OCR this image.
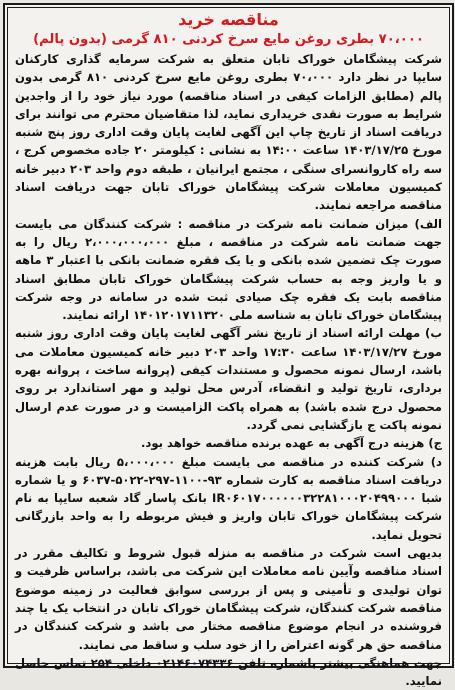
مناقصه خرید
۷۰،۰۰۰ بطری روغن مایع سرخ کردنی ۸۱۰ گرمی (بدون پالم)

شرکت پیشگامان خوراک تابان متعلق به شرکت سرمایه گذاری کارکنان سایپا در نظر دارد ۷۰،۰۰۰ بطری روغن مایع سرخ کردنی ۸۱۰ گرمی بدون پالم (مطابق الزامات کیفی در اسناد مناقصه) مورد نیاز خود را از واجدین شرایط به صورت نقدی خریداری نماید، لذا متقاضیان محترم می توانند برای دریافت اسناد از تاریخ چاپ این آگهی لغایت پایان وقت اداری روز پنج شنبه مورخ ۱۴۰۳/۱۷/۲۵ ساعت ۱۴:۰۰ به نشانی : کیلومتر ۲۰ جاده مخصوص کرج ، سه راه کاروانسرای سنگی ، مجتمع ایرانیان ، طبقه دوم واحد ۲۰۳ دبیر خانه کمیسیون معاملات شرکت پیشگامان خوراک تابان جهت دریافت اسناد مناقصه مراجعه نمایند.

الف) میزان ضمانت نامه شرکت در مناقصه : شرکت کنندگان می بایست جهت ضمانت نامه شرکت در مناقصه ، مبلغ ۲،۰۰۰،۰۰۰،۰۰۰ ریال را به صورت چک تضمین شده بانکی و یا یک فقره ضمانت بانکی با اعتبار ۳ ماهه و یا واریز وجه به حساب شرکت پیشگامان خوراک تابان مطابق اسناد مناقصه بابت یک فقره چک صیادی ثبت شده در سامانه در وجه شرکت پیشگامان خوراک تابان به شناسه ملی ۱۴۰۱۲۰۱۷۱۱۳۲۰ ارائه نمایند.

ب) مهلت ارائه اسناد از تاریخ نشر آگهی لغایت پایان وقت اداری روز شنبه مورخ ۱۴۰۳/۱۷/۲۷ ساعت ۱۷:۳۰ واحد ۲۰۳ دبیر خانه کمیسیون معاملات می باشد، ارسال نمونه محصول و مستندات کیفی (پروانه ساخت ، پروانه بهره برداری، تاریخ تولید و انقضاء، آدرس محل تولید و مهر استاندارد بر روی محصول درج شده باشد) به همراه پاکت الزامیست و در صورت عدم ارسال نمونه پاکت ج بازگشایی نمی گردد.

ج) هزینه درج آگهی به عهده برنده مناقصه خواهد بود.

د) شرکت کننده در مناقصه می بایست مبلغ ۵،۰۰۰،۰۰۰ ریال بابت هزینه دریافت اسناد مناقصه به کارت شماره ۹۳-۱۱۰۰-۲۹۷-۵۰۲۲-۶۰۳۷ و یا شماره شبا IR۰۶۰۱۷۰۰۰۰۰۰۳۲۲۸۱۰۰۰۲۰۴۹۹۰۰۰ بانک پاسار گاد شعبه سایپا به نام شرکت پیشگامان خوراک تابان واریز و فیش مربوطه را به واحد بازرگانی تحویل نماید.

بدیهی است شرکت در مناقصه به منزله قبول شروط و تکالیف مقرر در اسناد مناقصه وآیین نامه معاملات این شرکت می باشد، براساس ظرفیت و توان تولیدی و تأمینی و پس از بررسی سوابق فعالیت در زمینه موضوع مناقصه شرکت کنندگان، شرکت پیشگامان خوراک تابان در انتخاب یک یا چند فروشنده در انجام موضوع مناقصه مختار می باشد و شرکت کنندگان در مناقصه حق هر گونه اعتراض را از خود سلب و ساقط می نمایند.

جهت هماهنگی بیشتر باشماره تلفن ۰۲۱۴۶۰۷۴۳۳۶ داخلی ۲۵۴ تماس حاصل نمایید.
